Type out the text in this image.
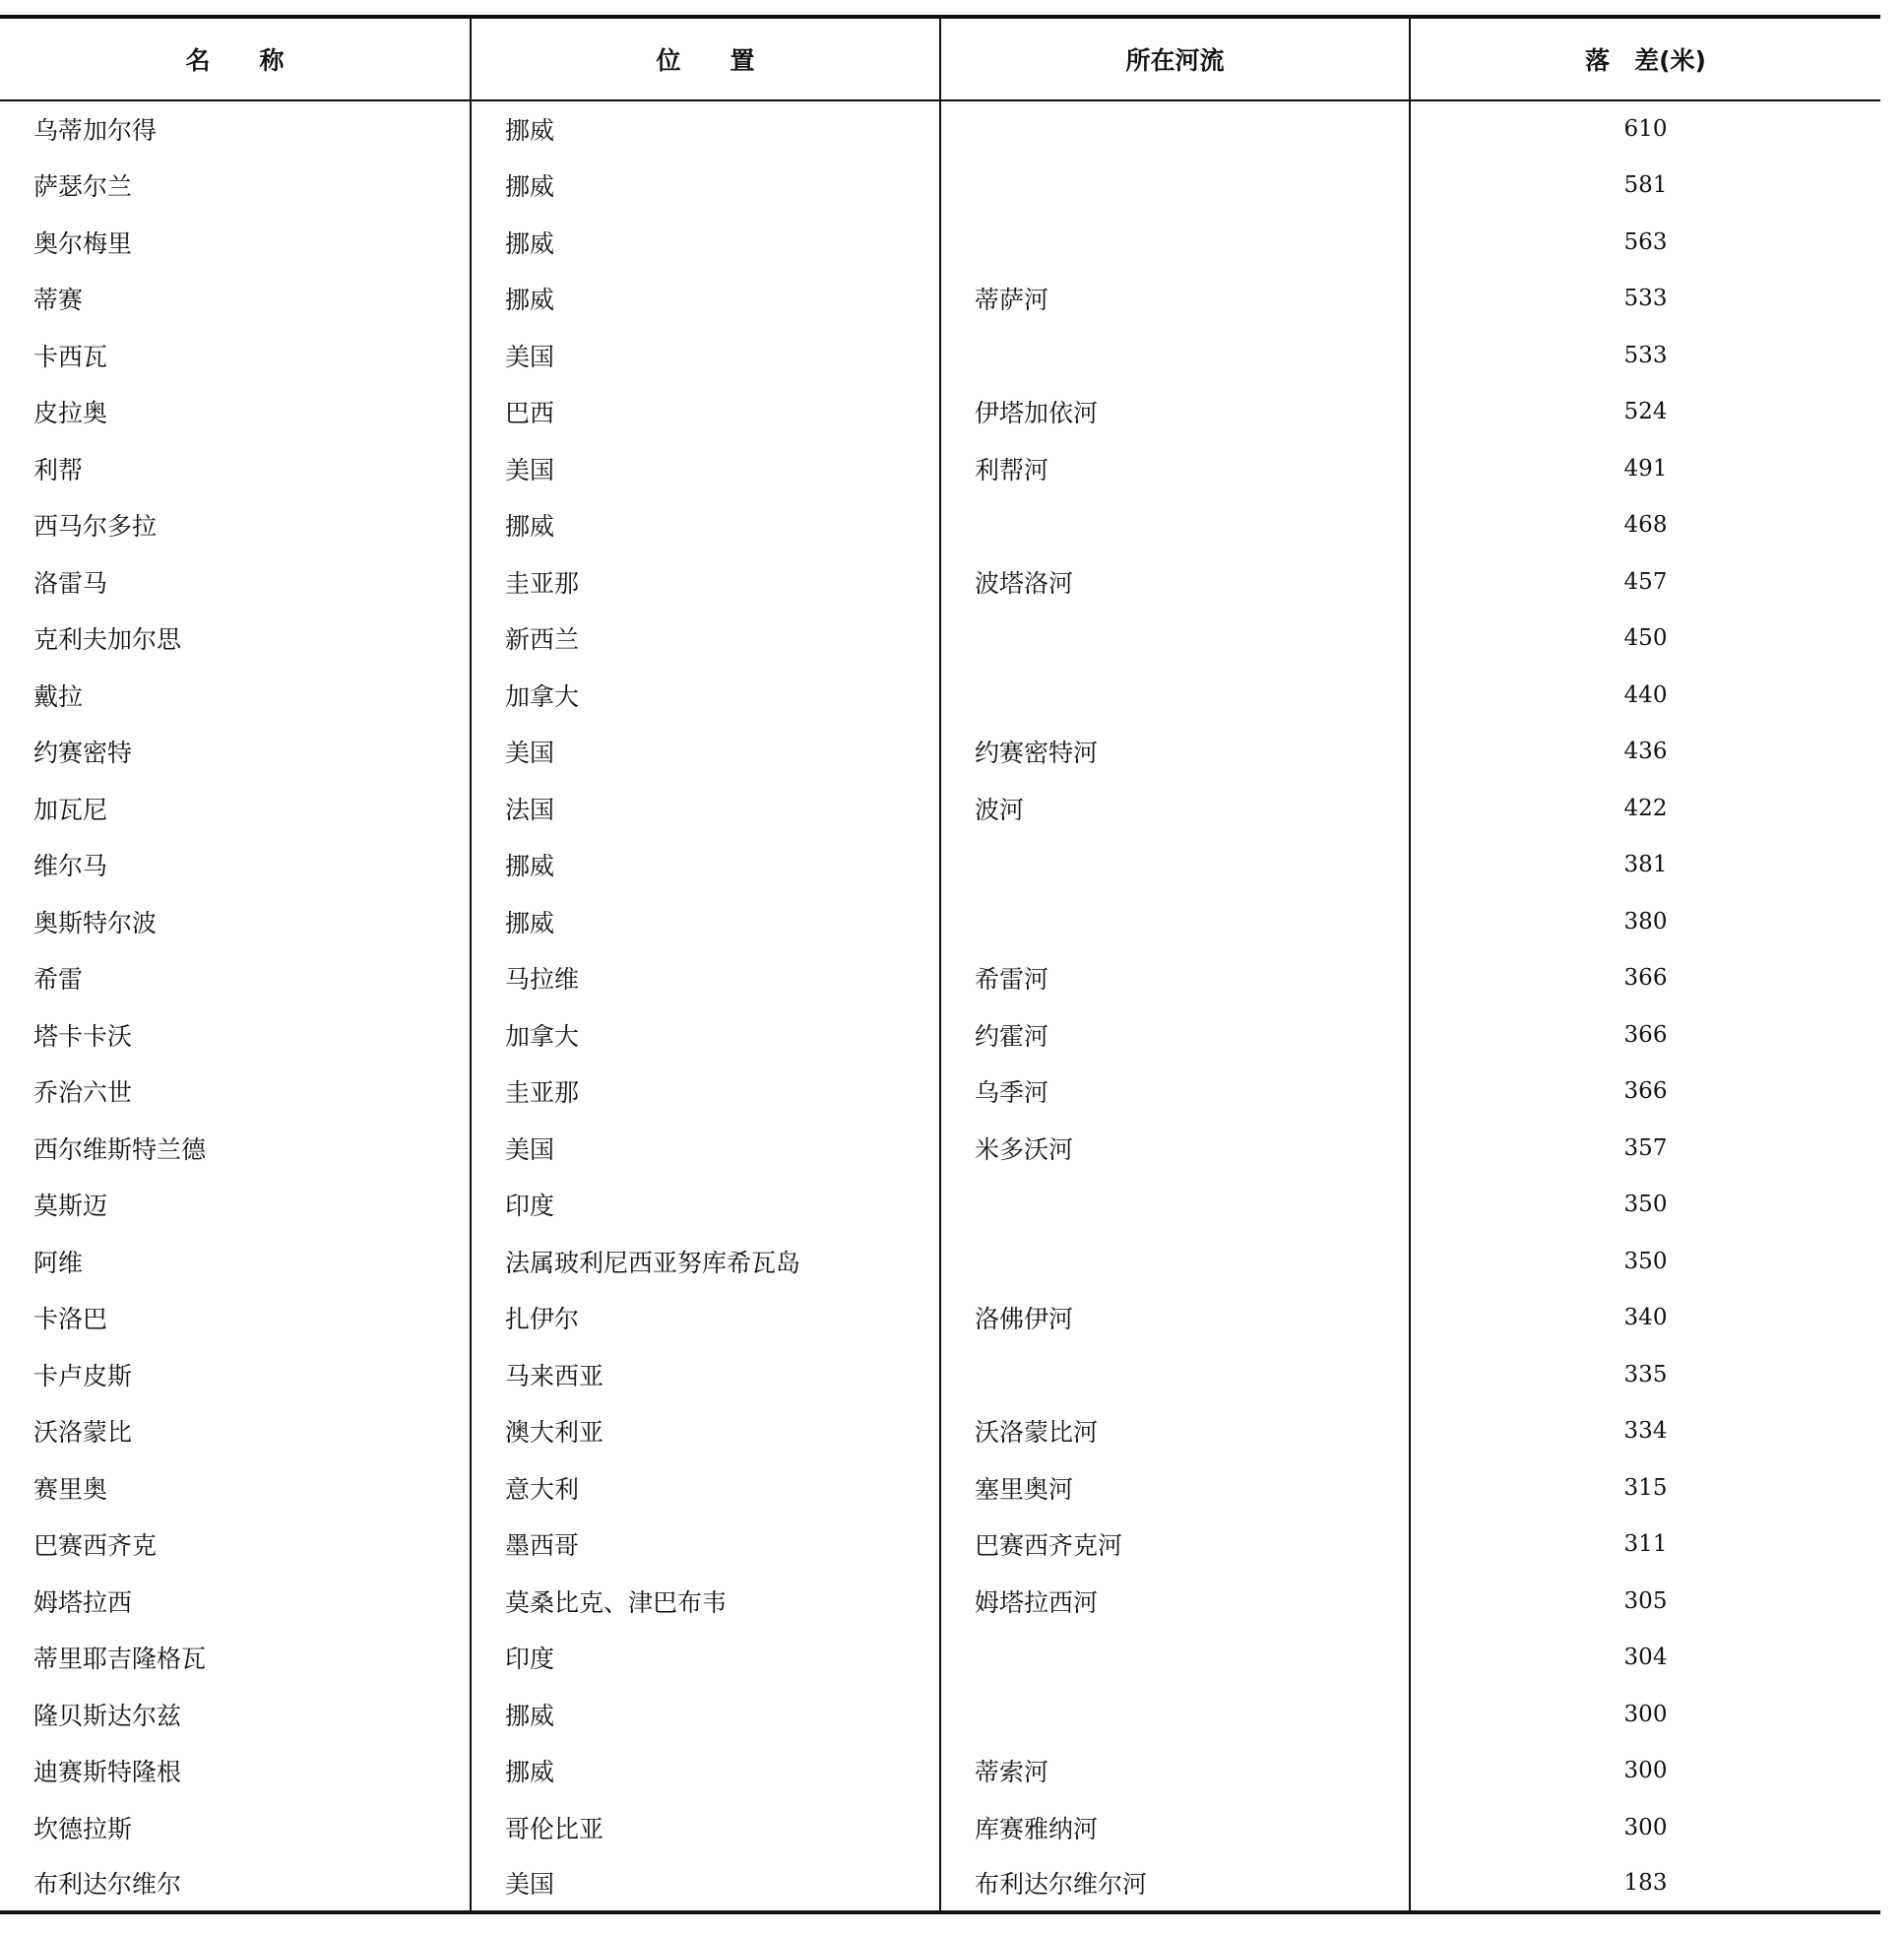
名　　称	位　　置	所在河流	落　差(米)
乌蒂加尔得	挪威		610
萨瑟尔兰	挪威		581
奥尔梅里	挪威		563
蒂赛	挪威	蒂萨河	533
卡西瓦	美国		533
皮拉奥	巴西	伊塔加依河	524
利帮	美国	利帮河	491
西马尔多拉	挪威		468
洛雷马	圭亚那	波塔洛河	457
克利夫加尔思	新西兰		450
戴拉	加拿大		440
约赛密特	美国	约赛密特河	436
加瓦尼	法国	波河	422
维尔马	挪威		381
奥斯特尔波	挪威		380
希雷	马拉维	希雷河	366
塔卡卡沃	加拿大	约霍河	366
乔治六世	圭亚那	乌季河	366
西尔维斯特兰德	美国	米多沃河	357
莫斯迈	印度		350
阿维	法属玻利尼西亚努库希瓦岛		350
卡洛巴	扎伊尔	洛佛伊河	340
卡卢皮斯	马来西亚		335
沃洛蒙比	澳大利亚	沃洛蒙比河	334
赛里奥	意大利	塞里奥河	315
巴赛西齐克	墨西哥	巴赛西齐克河	311
姆塔拉西	莫桑比克、津巴布韦	姆塔拉西河	305
蒂里耶吉隆格瓦	印度		304
隆贝斯达尔兹	挪威		300
迪赛斯特隆根	挪威	蒂索河	300
坎德拉斯	哥伦比亚	库赛雅纳河	300
布利达尔维尔	美国	布利达尔维尔河	183
